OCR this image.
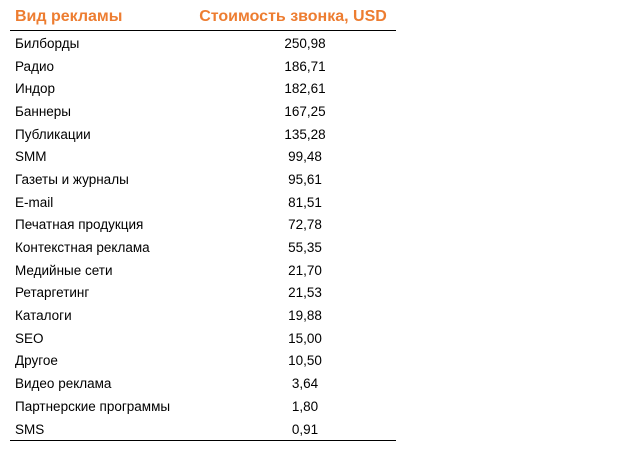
Вид рекламы	Стоимость звонка, USD
Билборды	250,98
Радио	186,71
Индор	182,61
Баннеры	167,25
Публикации	135,28
SMM	99,48
Газеты и журналы	95,61
E-mail	81,51
Печатная продукция	72,78
Контекстная реклама	55,35
Медийные сети	21,70
Ретаргетинг	21,53
Каталоги	19,88
SEO	15,00
Другое	10,50
Видео реклама	3,64
Партнерские программы	1,80
SMS	0,91
